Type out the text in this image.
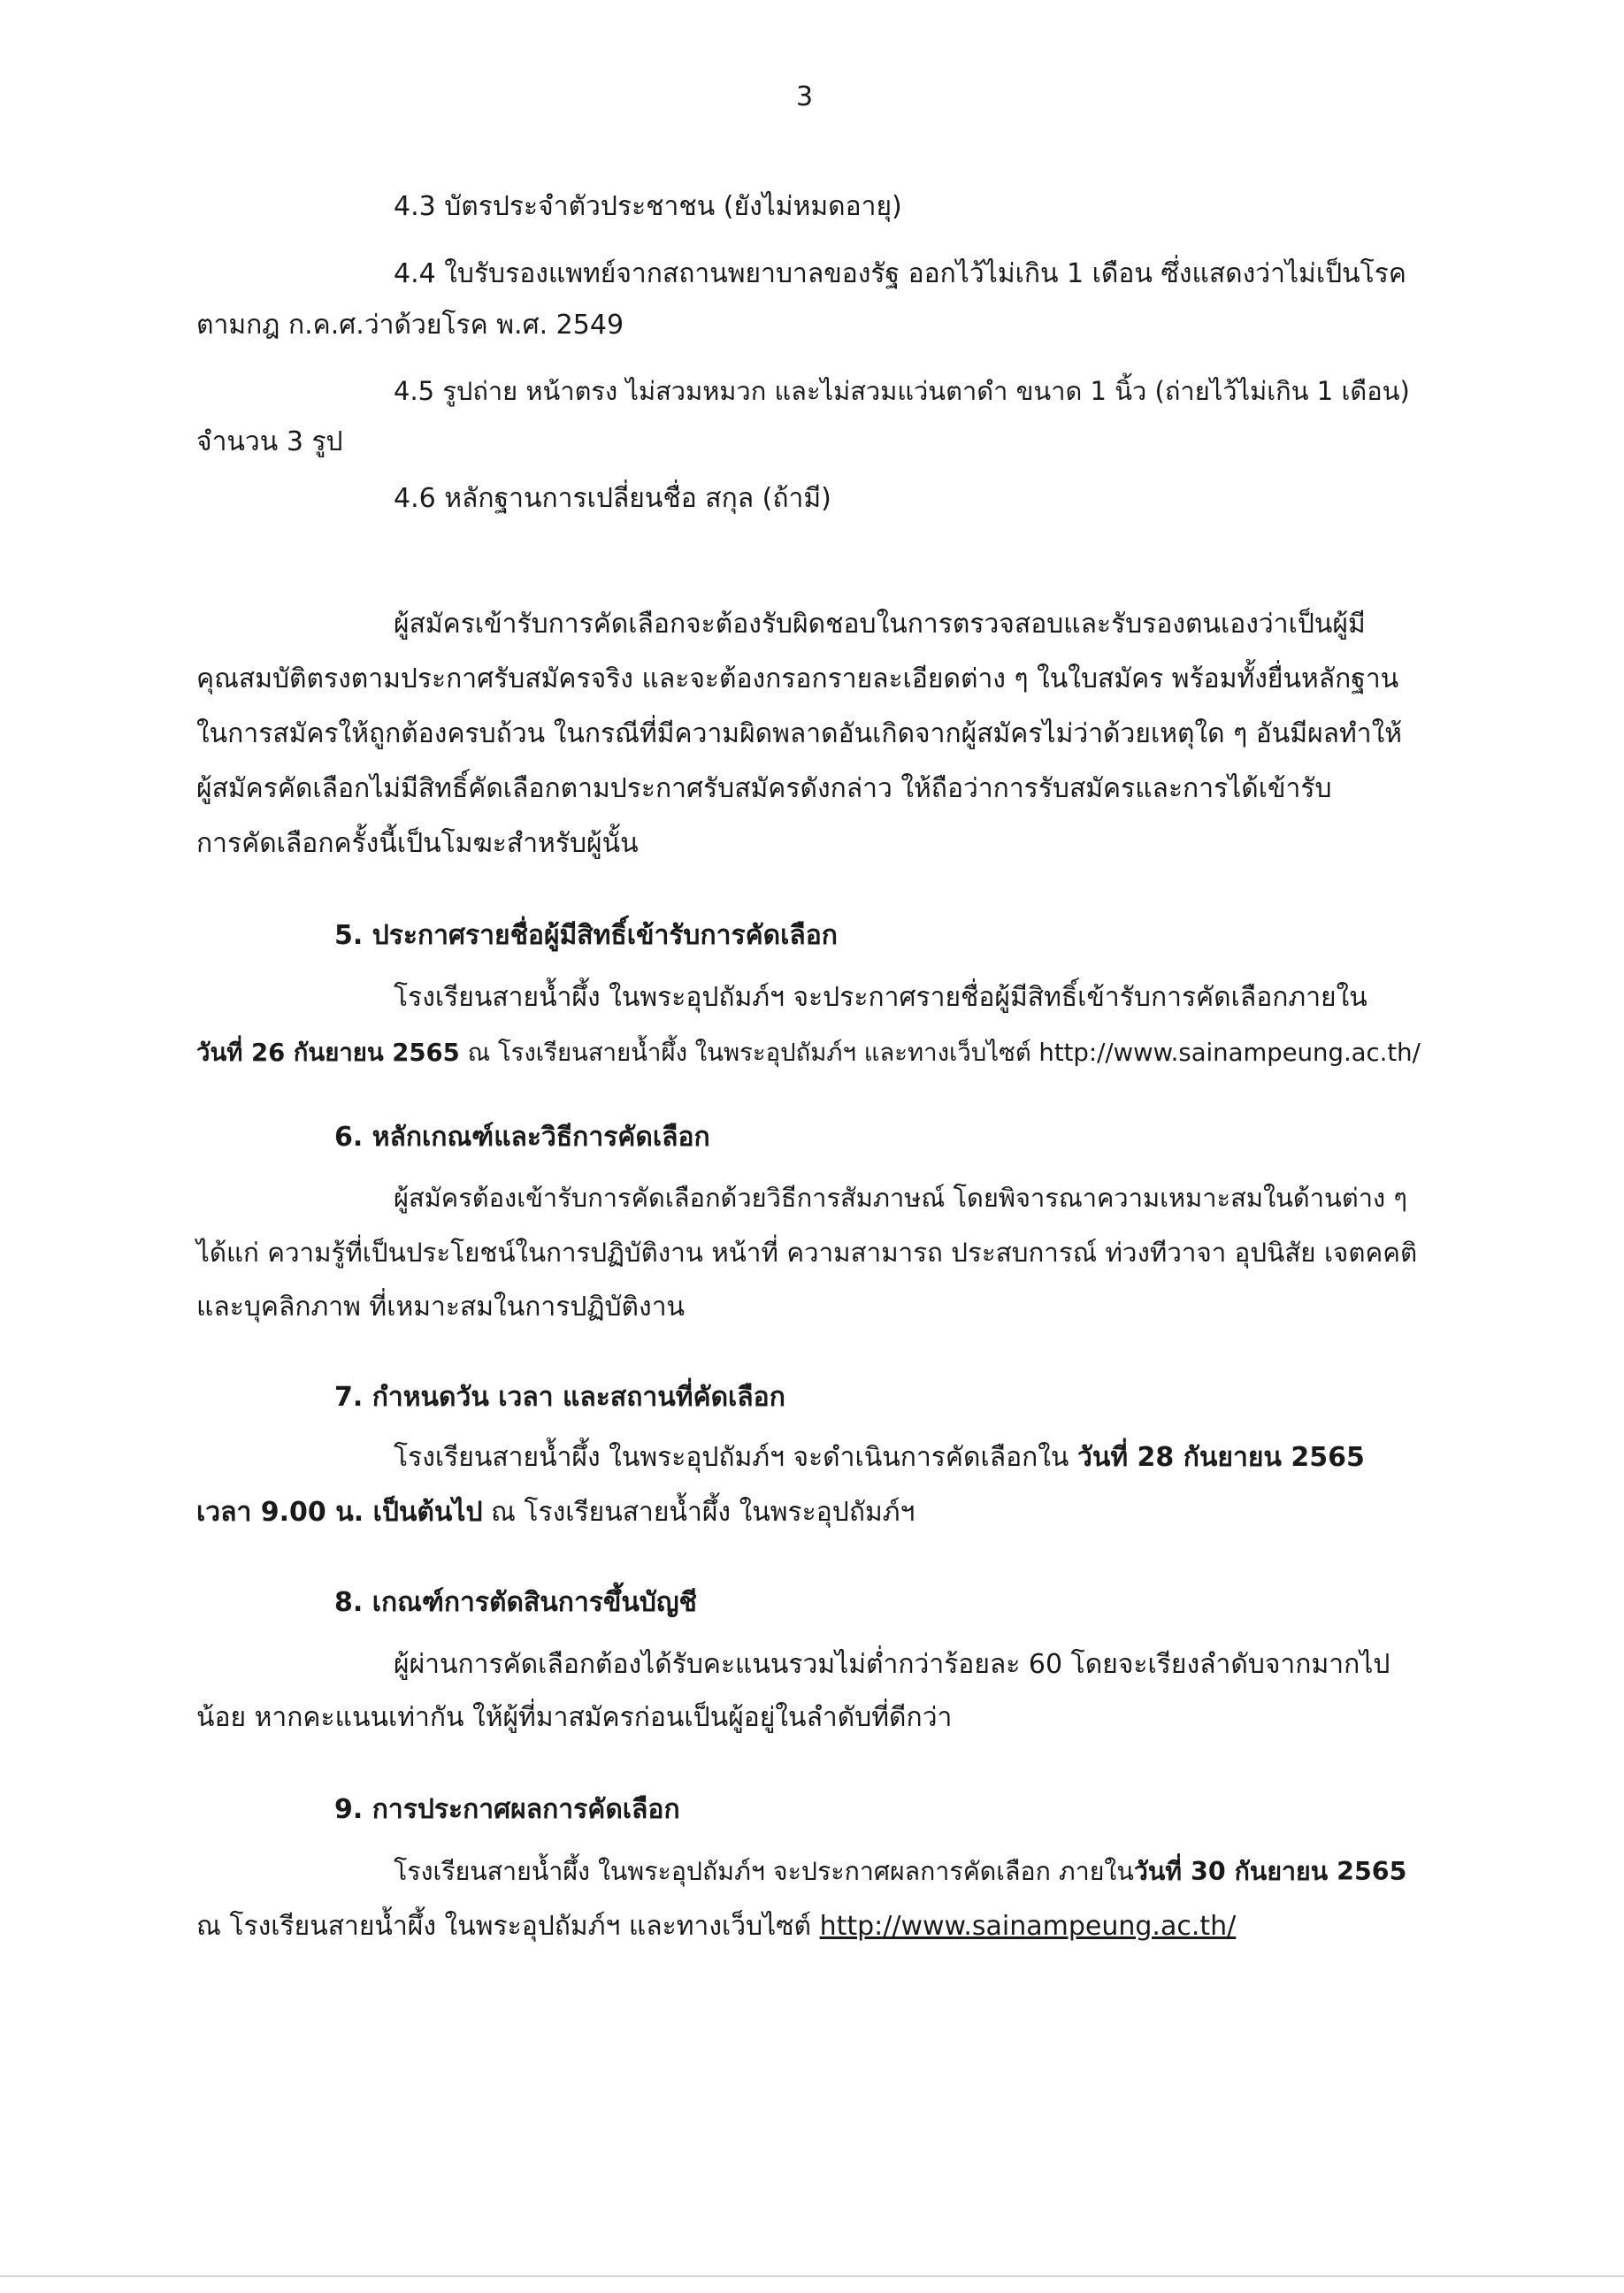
3
4.3 บัตรประจำตัวประชาชน (ยังไม่หมดอายุ)
4.4 ใบรับรองแพทย์จากสถานพยาบาลของรัฐ ออกไว้ไม่เกิน 1 เดือน ซึ่งแสดงว่าไม่เป็นโรค
ตามกฎ ก.ค.ศ.ว่าด้วยโรค พ.ศ. 2549
4.5 รูปถ่าย หน้าตรง ไม่สวมหมวก และไม่สวมแว่นตาดำ ขนาด 1 นิ้ว (ถ่ายไว้ไม่เกิน 1 เดือน)
จำนวน 3 รูป
4.6 หลักฐานการเปลี่ยนชื่อ สกุล (ถ้ามี)
ผู้สมัครเข้ารับการคัดเลือกจะต้องรับผิดชอบในการตรวจสอบและรับรองตนเองว่าเป็นผู้มี
คุณสมบัติตรงตามประกาศรับสมัครจริง และจะต้องกรอกรายละเอียดต่าง ๆ ในใบสมัคร พร้อมทั้งยื่นหลักฐาน
ในการสมัครให้ถูกต้องครบถ้วน ในกรณีที่มีความผิดพลาดอันเกิดจากผู้สมัครไม่ว่าด้วยเหตุใด ๆ อันมีผลทำให้
ผู้สมัครคัดเลือกไม่มีสิทธิ์คัดเลือกตามประกาศรับสมัครดังกล่าว ให้ถือว่าการรับสมัครและการได้เข้ารับ
การคัดเลือกครั้งนี้เป็นโมฆะสำหรับผู้นั้น
5. ประกาศรายชื่อผู้มีสิทธิ์เข้ารับการคัดเลือก
โรงเรียนสายน้ำผึ้ง ในพระอุปถัมภ์ฯ จะประกาศรายชื่อผู้มีสิทธิ์เข้ารับการคัดเลือกภายใน
วันที่ 26 กันยายน 2565 ณ โรงเรียนสายน้ำผึ้ง ในพระอุปถัมภ์ฯ และทางเว็บไซต์ http://www.sainampeung.ac.th/
6. หลักเกณฑ์และวิธีการคัดเลือก
ผู้สมัครต้องเข้ารับการคัดเลือกด้วยวิธีการสัมภาษณ์ โดยพิจารณาความเหมาะสมในด้านต่าง ๆ
ได้แก่ ความรู้ที่เป็นประโยชน์ในการปฏิบัติงาน หน้าที่ ความสามารถ ประสบการณ์ ท่วงทีวาจา อุปนิสัย เจตคคติ
และบุคลิกภาพ ที่เหมาะสมในการปฏิบัติงาน
7. กำหนดวัน เวลา และสถานที่คัดเลือก
โรงเรียนสายน้ำผึ้ง ในพระอุปถัมภ์ฯ จะดำเนินการคัดเลือกใน วันที่ 28 กันยายน 2565
เวลา 9.00 น. เป็นต้นไป ณ โรงเรียนสายน้ำผึ้ง ในพระอุปถัมภ์ฯ
8. เกณฑ์การตัดสินการขึ้นบัญชี
ผู้ผ่านการคัดเลือกต้องได้รับคะแนนรวมไม่ต่ำกว่าร้อยละ 60 โดยจะเรียงลำดับจากมากไป
น้อย หากคะแนนเท่ากัน ให้ผู้ที่มาสมัครก่อนเป็นผู้อยู่ในลำดับที่ดีกว่า
9. การประกาศผลการคัดเลือก
โรงเรียนสายน้ำผึ้ง ในพระอุปถัมภ์ฯ จะประกาศผลการคัดเลือก ภายในวันที่ 30 กันยายน 2565
ณ โรงเรียนสายน้ำผึ้ง ในพระอุปถัมภ์ฯ และทางเว็บไซต์ http://www.sainampeung.ac.th/
